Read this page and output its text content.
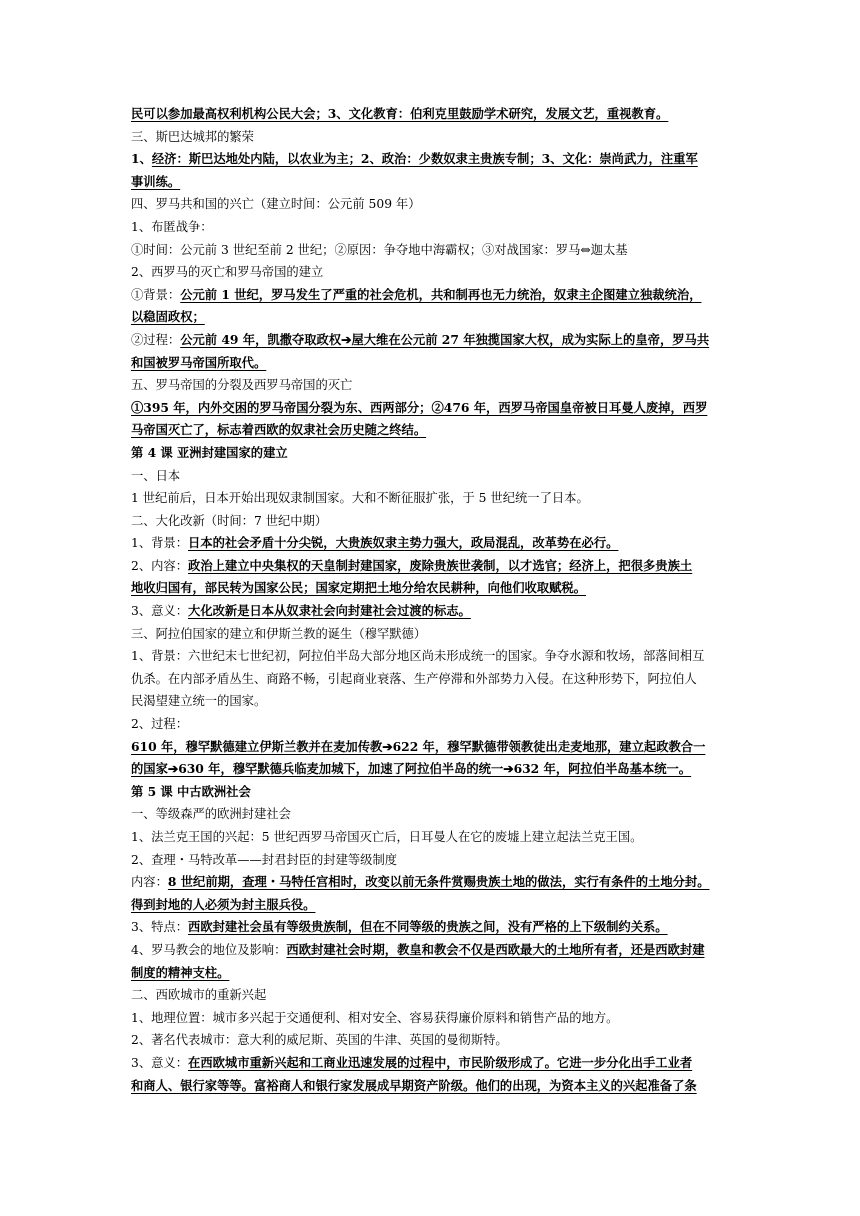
民可以参加最高权利机构公民大会；3、文化教育：伯利克里鼓励学术研究，发展文艺，重视教育。
三、斯巴达城邦的繁荣
1、经济：斯巴达地处内陆，以农业为主；2、政治：少数奴隶主贵族专制；3、文化：崇尚武力，注重军
事训练。
四、罗马共和国的兴亡（建立时间：公元前 509 年）
1、布匿战争：
①时间：公元前 3 世纪至前 2 世纪；②原因：争夺地中海霸权；③对战国家：罗马⇔迦太基
2、西罗马的灭亡和罗马帝国的建立
①背景：公元前 1 世纪，罗马发生了严重的社会危机，共和制再也无力统治，奴隶主企图建立独裁统治，
以稳固政权；
②过程：公元前 49 年，凯撒夺取政权➔屋大维在公元前 27 年独揽国家大权，成为实际上的皇帝，罗马共
和国被罗马帝国所取代。
五、罗马帝国的分裂及西罗马帝国的灭亡
①395 年，内外交困的罗马帝国分裂为东、西两部分；②476 年，西罗马帝国皇帝被日耳曼人废掉，西罗
马帝国灭亡了，标志着西欧的奴隶社会历史随之终结。
第 4 课 亚洲封建国家的建立
一、日本
1 世纪前后，日本开始出现奴隶制国家。大和不断征服扩张，于 5 世纪统一了日本。
二、大化改新（时间：7 世纪中期）
1、背景：日本的社会矛盾十分尖锐，大贵族奴隶主势力强大，政局混乱，改革势在必行。
2、内容：政治上建立中央集权的天皇制封建国家，废除贵族世袭制，以才选官；经济上，把很多贵族土
地收归国有，部民转为国家公民；国家定期把土地分给农民耕种，向他们收取赋税。
3、意义：大化改新是日本从奴隶社会向封建社会过渡的标志。
三、阿拉伯国家的建立和伊斯兰教的诞生（穆罕默德）
1、背景：六世纪末七世纪初，阿拉伯半岛大部分地区尚未形成统一的国家。争夺水源和牧场，部落间相互
仇杀。在内部矛盾丛生、商路不畅，引起商业衰落、生产停滞和外部势力入侵。在这种形势下，阿拉伯人
民渴望建立统一的国家。
2、过程：
610 年，穆罕默德建立伊斯兰教并在麦加传教➔622 年，穆罕默德带领教徒出走麦地那，建立起政教合一
的国家➔630 年，穆罕默德兵临麦加城下，加速了阿拉伯半岛的统一➔632 年，阿拉伯半岛基本统一。
第 5 课 中古欧洲社会
一、等级森严的欧洲封建社会
1、法兰克王国的兴起：5 世纪西罗马帝国灭亡后，日耳曼人在它的废墟上建立起法兰克王国。
2、查理・马特改革——封君封臣的封建等级制度
内容：8 世纪前期，查理・马特任宫相时，改变以前无条件赏赐贵族土地的做法，实行有条件的土地分封。
得到封地的人必须为封主服兵役。
3、特点：西欧封建社会虽有等级贵族制，但在不同等级的贵族之间，没有严格的上下级制约关系。
4、罗马教会的地位及影响：西欧封建社会时期，教皇和教会不仅是西欧最大的土地所有者，还是西欧封建
制度的精神支柱。
二、西欧城市的重新兴起
1、地理位置：城市多兴起于交通便利、相对安全、容易获得廉价原料和销售产品的地方。
2、著名代表城市：意大利的威尼斯、英国的牛津、英国的曼彻斯特。
3、意义：在西欧城市重新兴起和工商业迅速发展的过程中，市民阶级形成了。它进一步分化出手工业者
和商人、银行家等等。富裕商人和银行家发展成早期资产阶级。他们的出现，为资本主义的兴起准备了条
